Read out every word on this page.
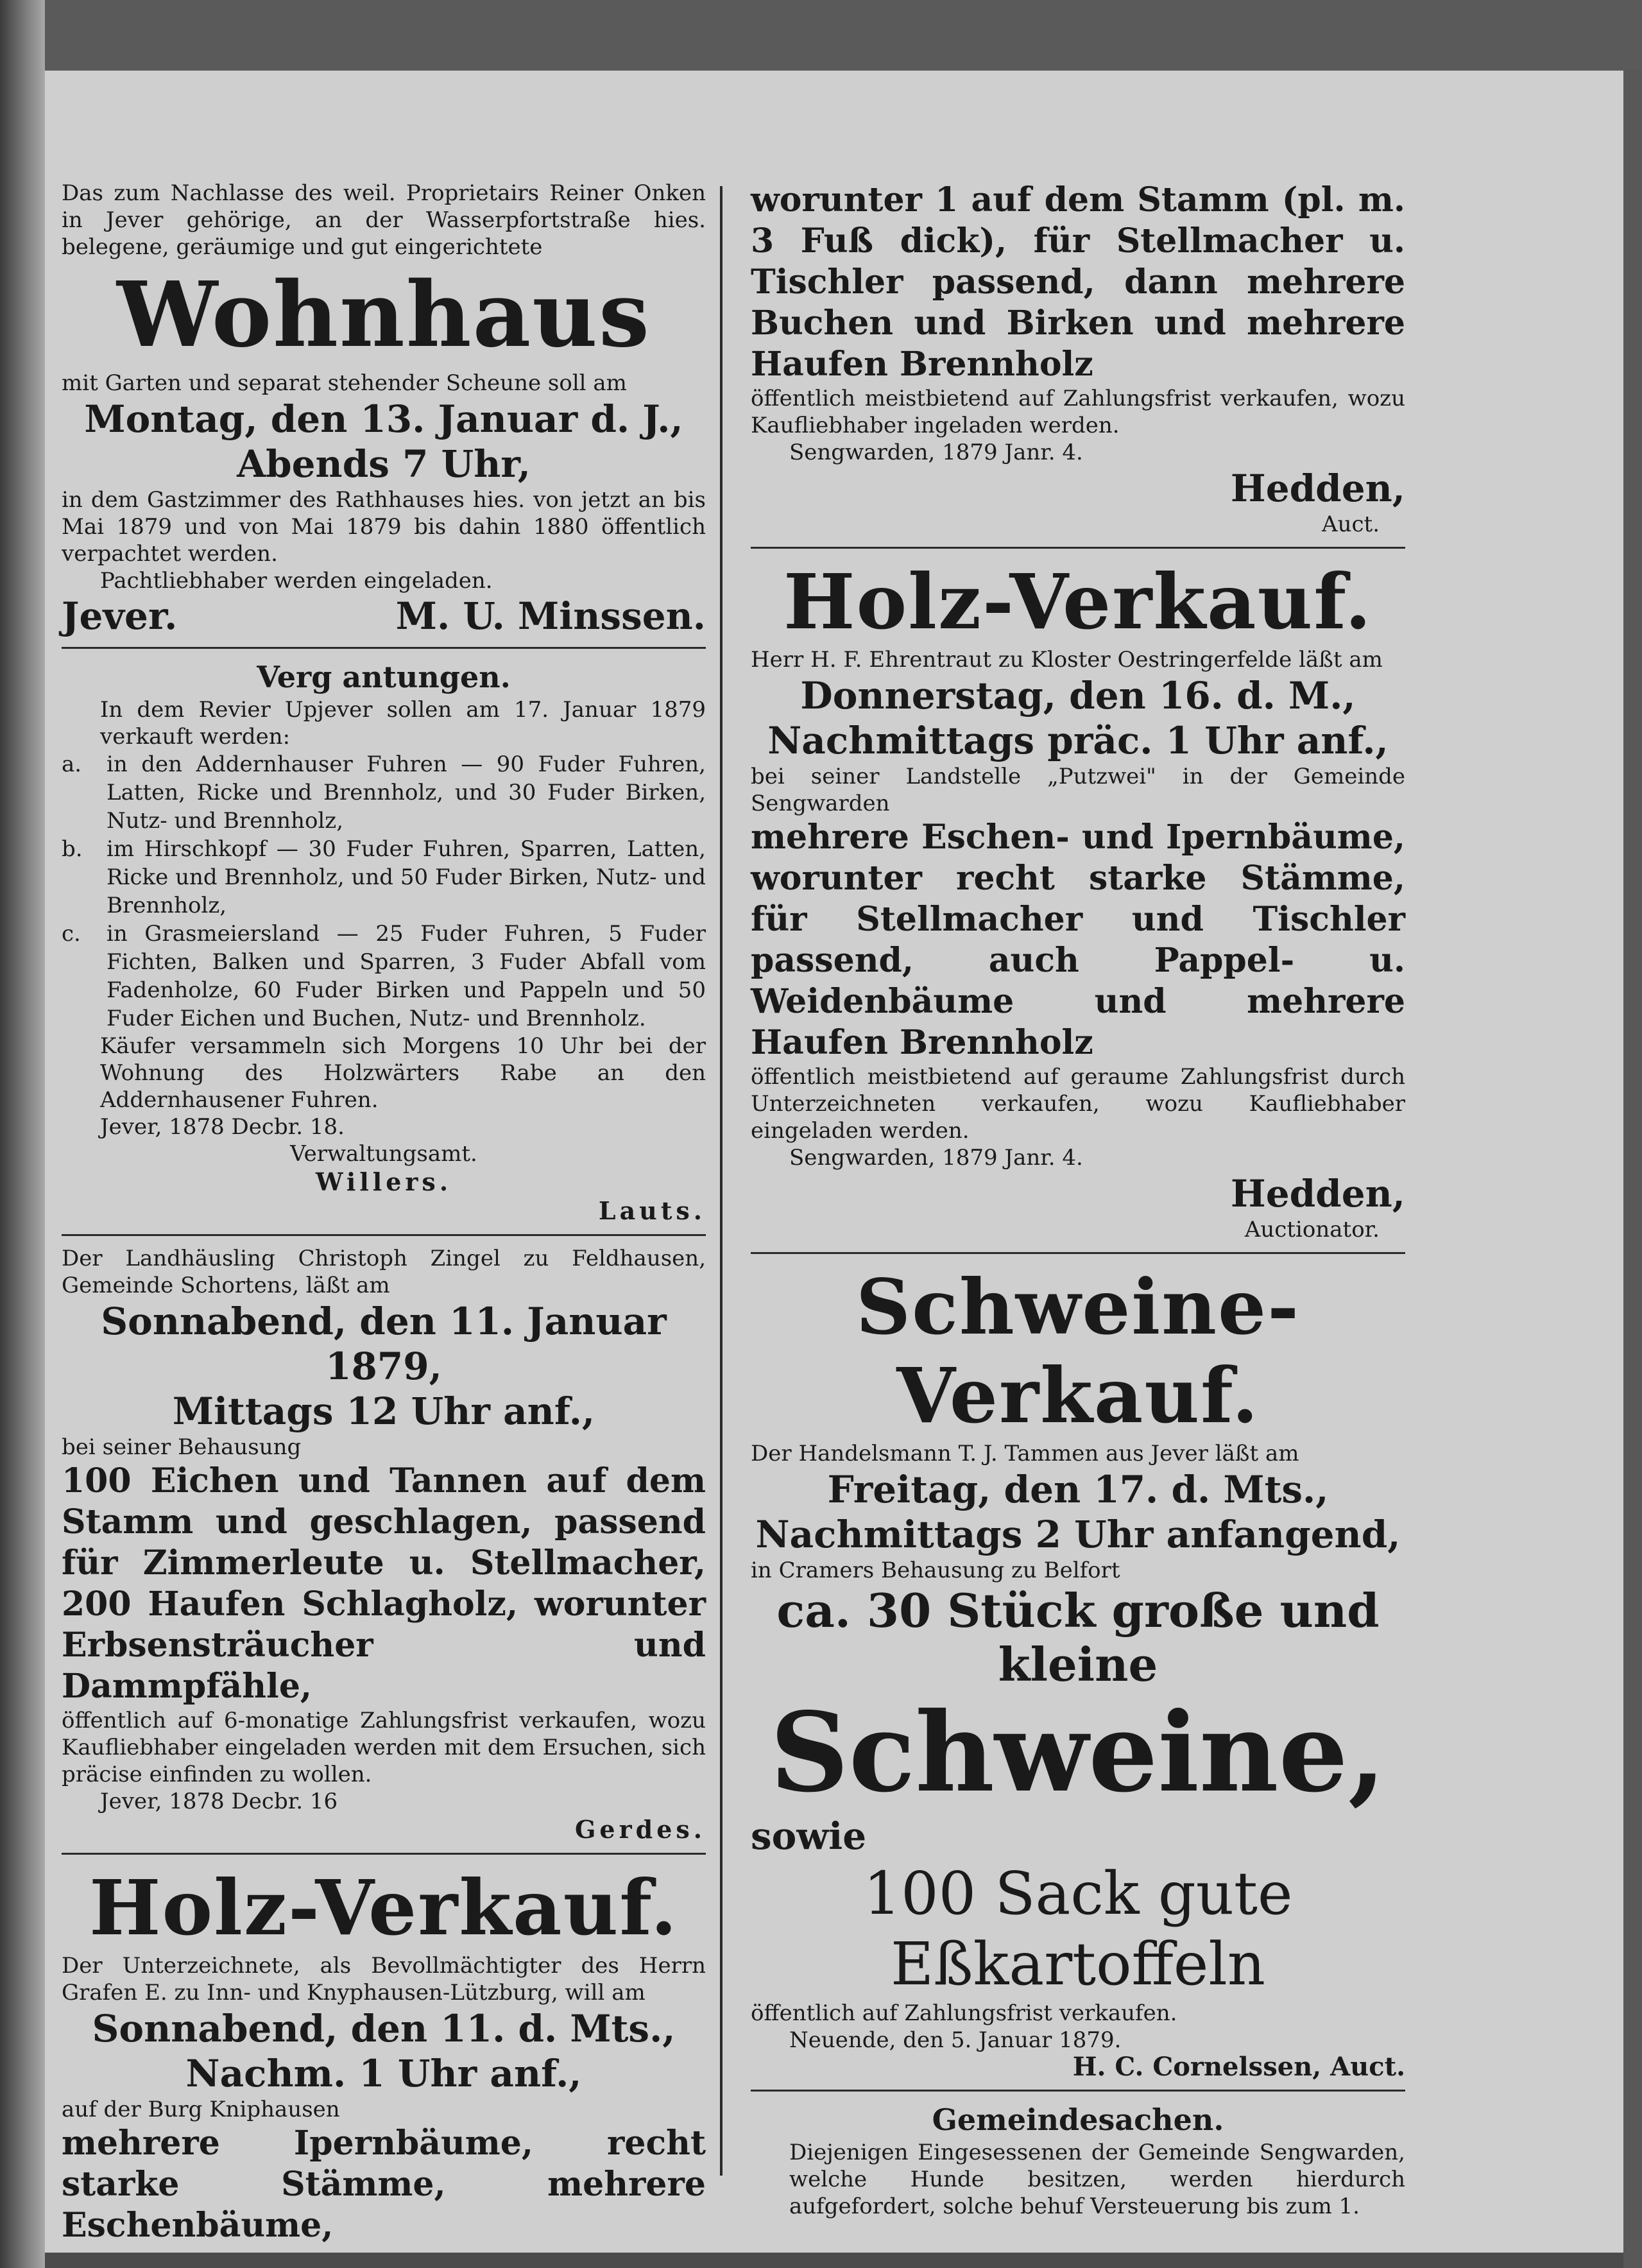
Das zum Nachlasse des weil. Proprietairs Reiner Onken in Jever gehörige, an der Wasserpfortstraße hies. belegene, geräumige und gut eingerichtete

Wohnhaus

mit Garten und separat stehender Scheune soll am

Montag, den 13. Januar d. J.,

Abends 7 Uhr,

in dem Gastzimmer des Rathhauses hies. von jetzt an bis Mai 1879 und von Mai 1879 bis dahin 1880 öffentlich verpachtet werden.

Pachtliebhaber werden eingeladen.

Jever.	M. U. Minssen.

Verg antungen.

In dem Revier Upjever sollen am 17. Januar 1879 verkauft werden:

a.	in den Addernhauser Fuhren — 90 Fuder Fuhren, Latten, Ricke und Brennholz, und 30 Fuder Birken, Nutz- und Brennholz,
b.	im Hirschkopf — 30 Fuder Fuhren, Sparren, Latten, Ricke und Brennholz, und 50 Fuder Birken, Nutz- und Brennholz,
c.	in Grasmeiersland — 25 Fuder Fuhren, 5 Fuder Fichten, Balken und Sparren, 3 Fuder Abfall vom Fadenholze, 60 Fuder Birken und Pappeln und 50 Fuder Eichen und Buchen, Nutz- und Brennholz.

Käufer versammeln sich Morgens 10 Uhr bei der Wohnung des Holzwärters Rabe an den Addernhausener Fuhren.

Jever, 1878 Decbr. 18.

Verwaltungsamt.

Willers.

Lauts.

Der Landhäusling Christoph Zingel zu Feldhausen, Gemeinde Schortens, läßt am

Sonnabend, den 11. Januar 1879,

Mittags 12 Uhr anf.,

bei seiner Behausung

100 Eichen und Tannen auf dem Stamm und geschlagen, passend für Zimmerleute u. Stellmacher, 200 Haufen Schlagholz, worunter Erbsensträucher und Dammpfähle,

öffentlich auf 6-monatige Zahlungsfrist verkaufen, wozu Kaufliebhaber eingeladen werden mit dem Ersuchen, sich präcise einfinden zu wollen.

Jever, 1878 Decbr. 16

Gerdes.

Holz-Verkauf.

Der Unterzeichnete, als Bevollmächtigter des Herrn Grafen E. zu Inn- und Knyphausen-Lützburg, will am

Sonnabend, den 11. d. Mts.,

Nachm. 1 Uhr anf.,

auf der Burg Kniphausen

mehrere Ipernbäume, recht starke Stämme, mehrere Eschenbäume,

worunter 1 auf dem Stamm (pl. m. 3 Fuß dick), für Stellmacher u. Tischler passend, dann mehrere Buchen und Birken und mehrere Haufen Brennholz

öffentlich meistbietend auf Zahlungsfrist verkaufen, wozu Kaufliebhaber ingeladen werden.

Sengwarden, 1879 Janr. 4.

Hedden,

Auct.

Holz-Verkauf.

Herr H. F. Ehrentraut zu Kloster Oestringerfelde läßt am

Donnerstag, den 16. d. M.,

Nachmittags präc. 1 Uhr anf.,

bei seiner Landstelle „Putzwei" in der Gemeinde Sengwarden

mehrere Eschen- und Ipernbäume, worunter recht starke Stämme, für Stellmacher und Tischler passend, auch Pappel- u. Weidenbäume und mehrere Haufen Brennholz

öffentlich meistbietend auf geraume Zahlungsfrist durch Unterzeichneten verkaufen, wozu Kaufliebhaber eingeladen werden.

Sengwarden, 1879 Janr. 4.

Hedden,

Auctionator.

Schweine-Verkauf.

Der Handelsmann T. J. Tammen aus Jever läßt am

Freitag, den 17. d. Mts.,

Nachmittags 2 Uhr anfangend,

in Cramers Behausung zu Belfort

ca. 30 Stück große und

kleine

Schweine,

sowie

100 Sack gute

Eßkartoffeln

öffentlich auf Zahlungsfrist verkaufen.

Neuende, den 5. Januar 1879.

H. C. Cornelssen, Auct.

Gemeindesachen.

Diejenigen Eingesessenen der Gemeinde Sengwarden, welche Hunde besitzen, werden hierdurch aufgefordert, solche behuf Versteuerung bis zum 1.
